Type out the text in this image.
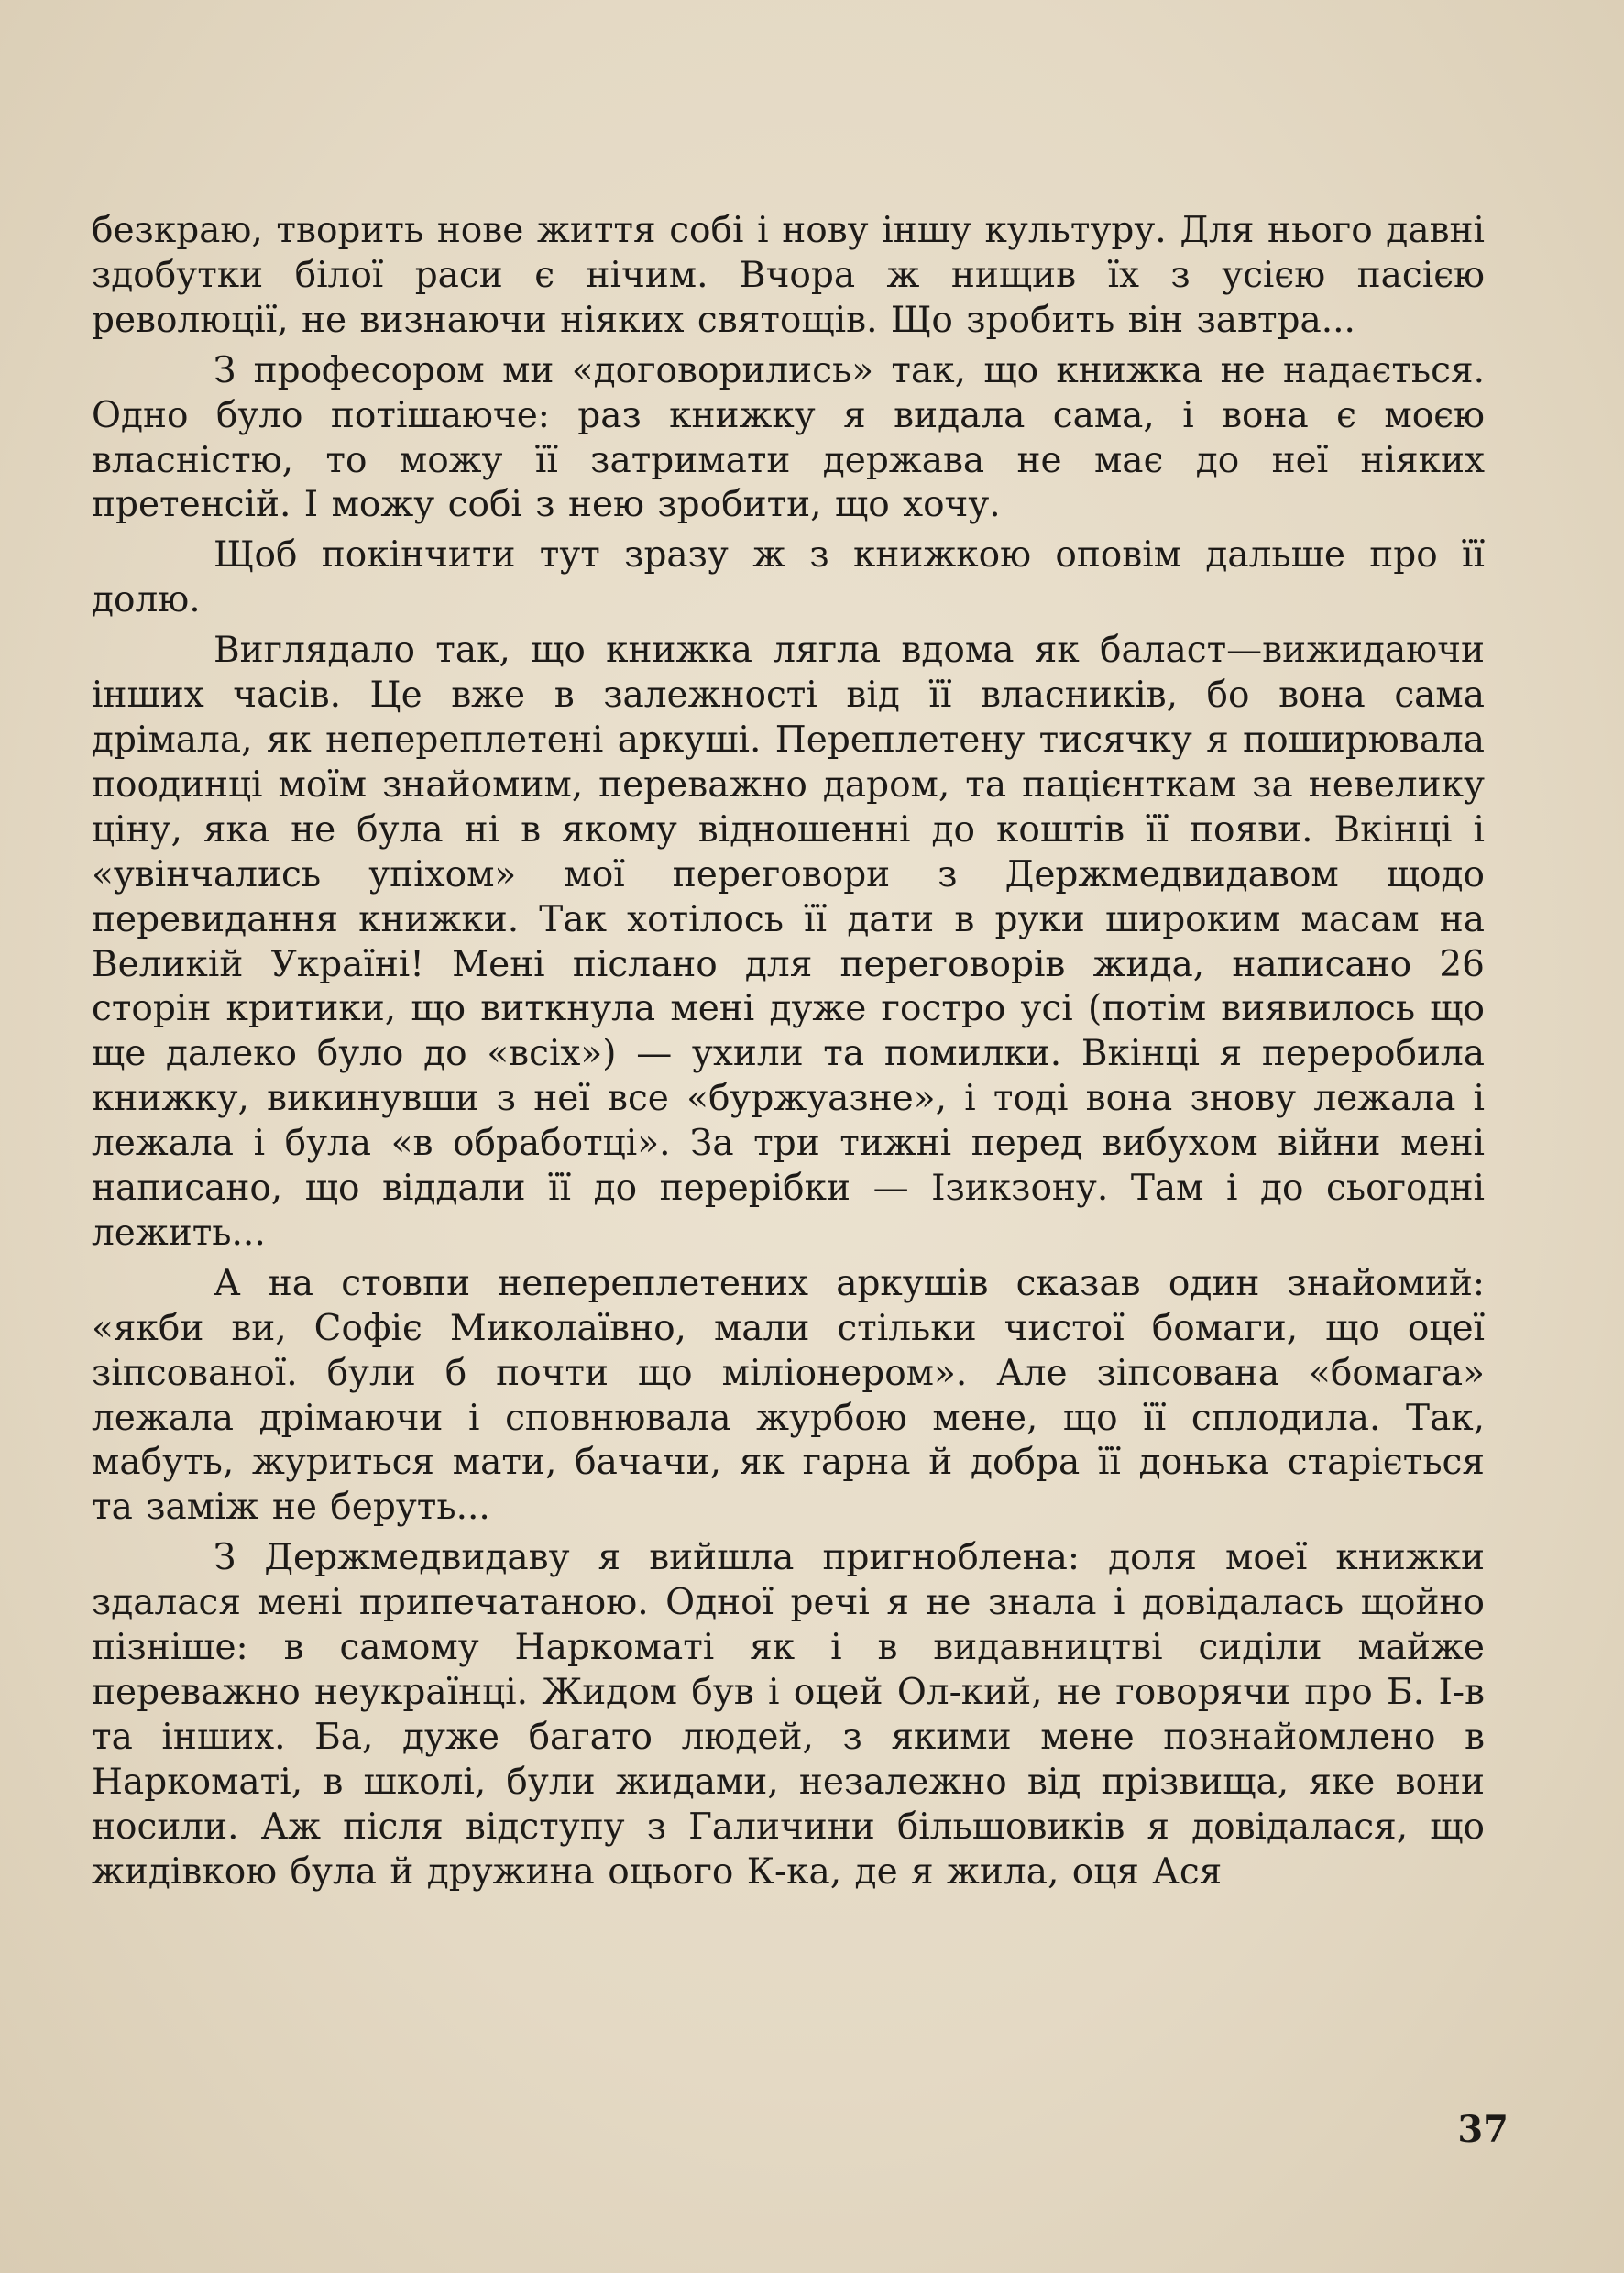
безкраю, творить нове життя собі і нову іншу культуру. Для нього давні здобутки білої раси є нічим. Вчора ж нищив їх з усією пасією революції, не визнаючи ніяких святощів. Що зробить він завтра...

З професором ми «договорились» так, що книжка не надається. Одно було потішаюче: раз книжку я видала сама, і вона є моєю власністю, то можу її затримати держава не має до неї ніяких претенсій. І можу собі з нею зробити, що хочу.

Щоб покінчити тут зразу ж з книжкою оповім дальше про її долю.

Виглядало так, що книжка лягла вдома як баласт—вижидаючи інших часів. Це вже в залежності від її власників, бо вона сама дрімала, як непереплетені аркуші. Переплетену тисячку я поширювала поодинці моїм знайомим, переважно даром, та пацієнткам за невелику ціну, яка не була ні в якому відношенні до коштів її появи. Вкінці і «увінчались упіхом» мої переговори з Держмедвидавом щодо перевидання книжки. Так хотілось її дати в руки широким масам на Великій Україні! Мені післано для переговорів жида, написано 26 сторін критики, що виткнула мені дуже гостро усі (потім виявилось що ще далеко було до «всіх») — ухили та помилки. Вкінці я переробила книжку, викинувши з неї все «буржуазне», і тоді вона знову лежала і лежала і була «в обработці». За три тижні перед вибухом війни мені написано, що віддали її до перерібки — Ізикзону. Там і до сьогодні лежить...

А на стовпи непереплетених аркушів сказав один знайомий: «якби ви, Софіє Миколаївно, мали стільки чистої бомаги, що оцеї зіпсованої. були б почти що міліонером». Але зіпсована «бомага» лежала дрімаючи і сповнювала журбою мене, що її сплодила. Так, мабуть, журиться мати, бачачи, як гарна й добра її донька старіється та заміж не беруть...

З Держмедвидаву я вийшла пригноблена: доля моеї книжки здалася мені припечатаною. Одної речі я не знала і довідалась щойно пізніше: в самому Наркоматі як і в видавництві сиділи майже переважно неукраїнці. Жидом був і оцей Ол-кий, не говорячи про Б. І-в та інших. Ба, дуже багато людей, з якими мене познайомлено в Наркоматі, в школі, були жидами, незалежно від прізвища, яке вони носили. Аж після відступу з Галичини більшовиків я довідалася, що жидівкою була й дружина оцього К-ка, де я жила, оця Ася

37
